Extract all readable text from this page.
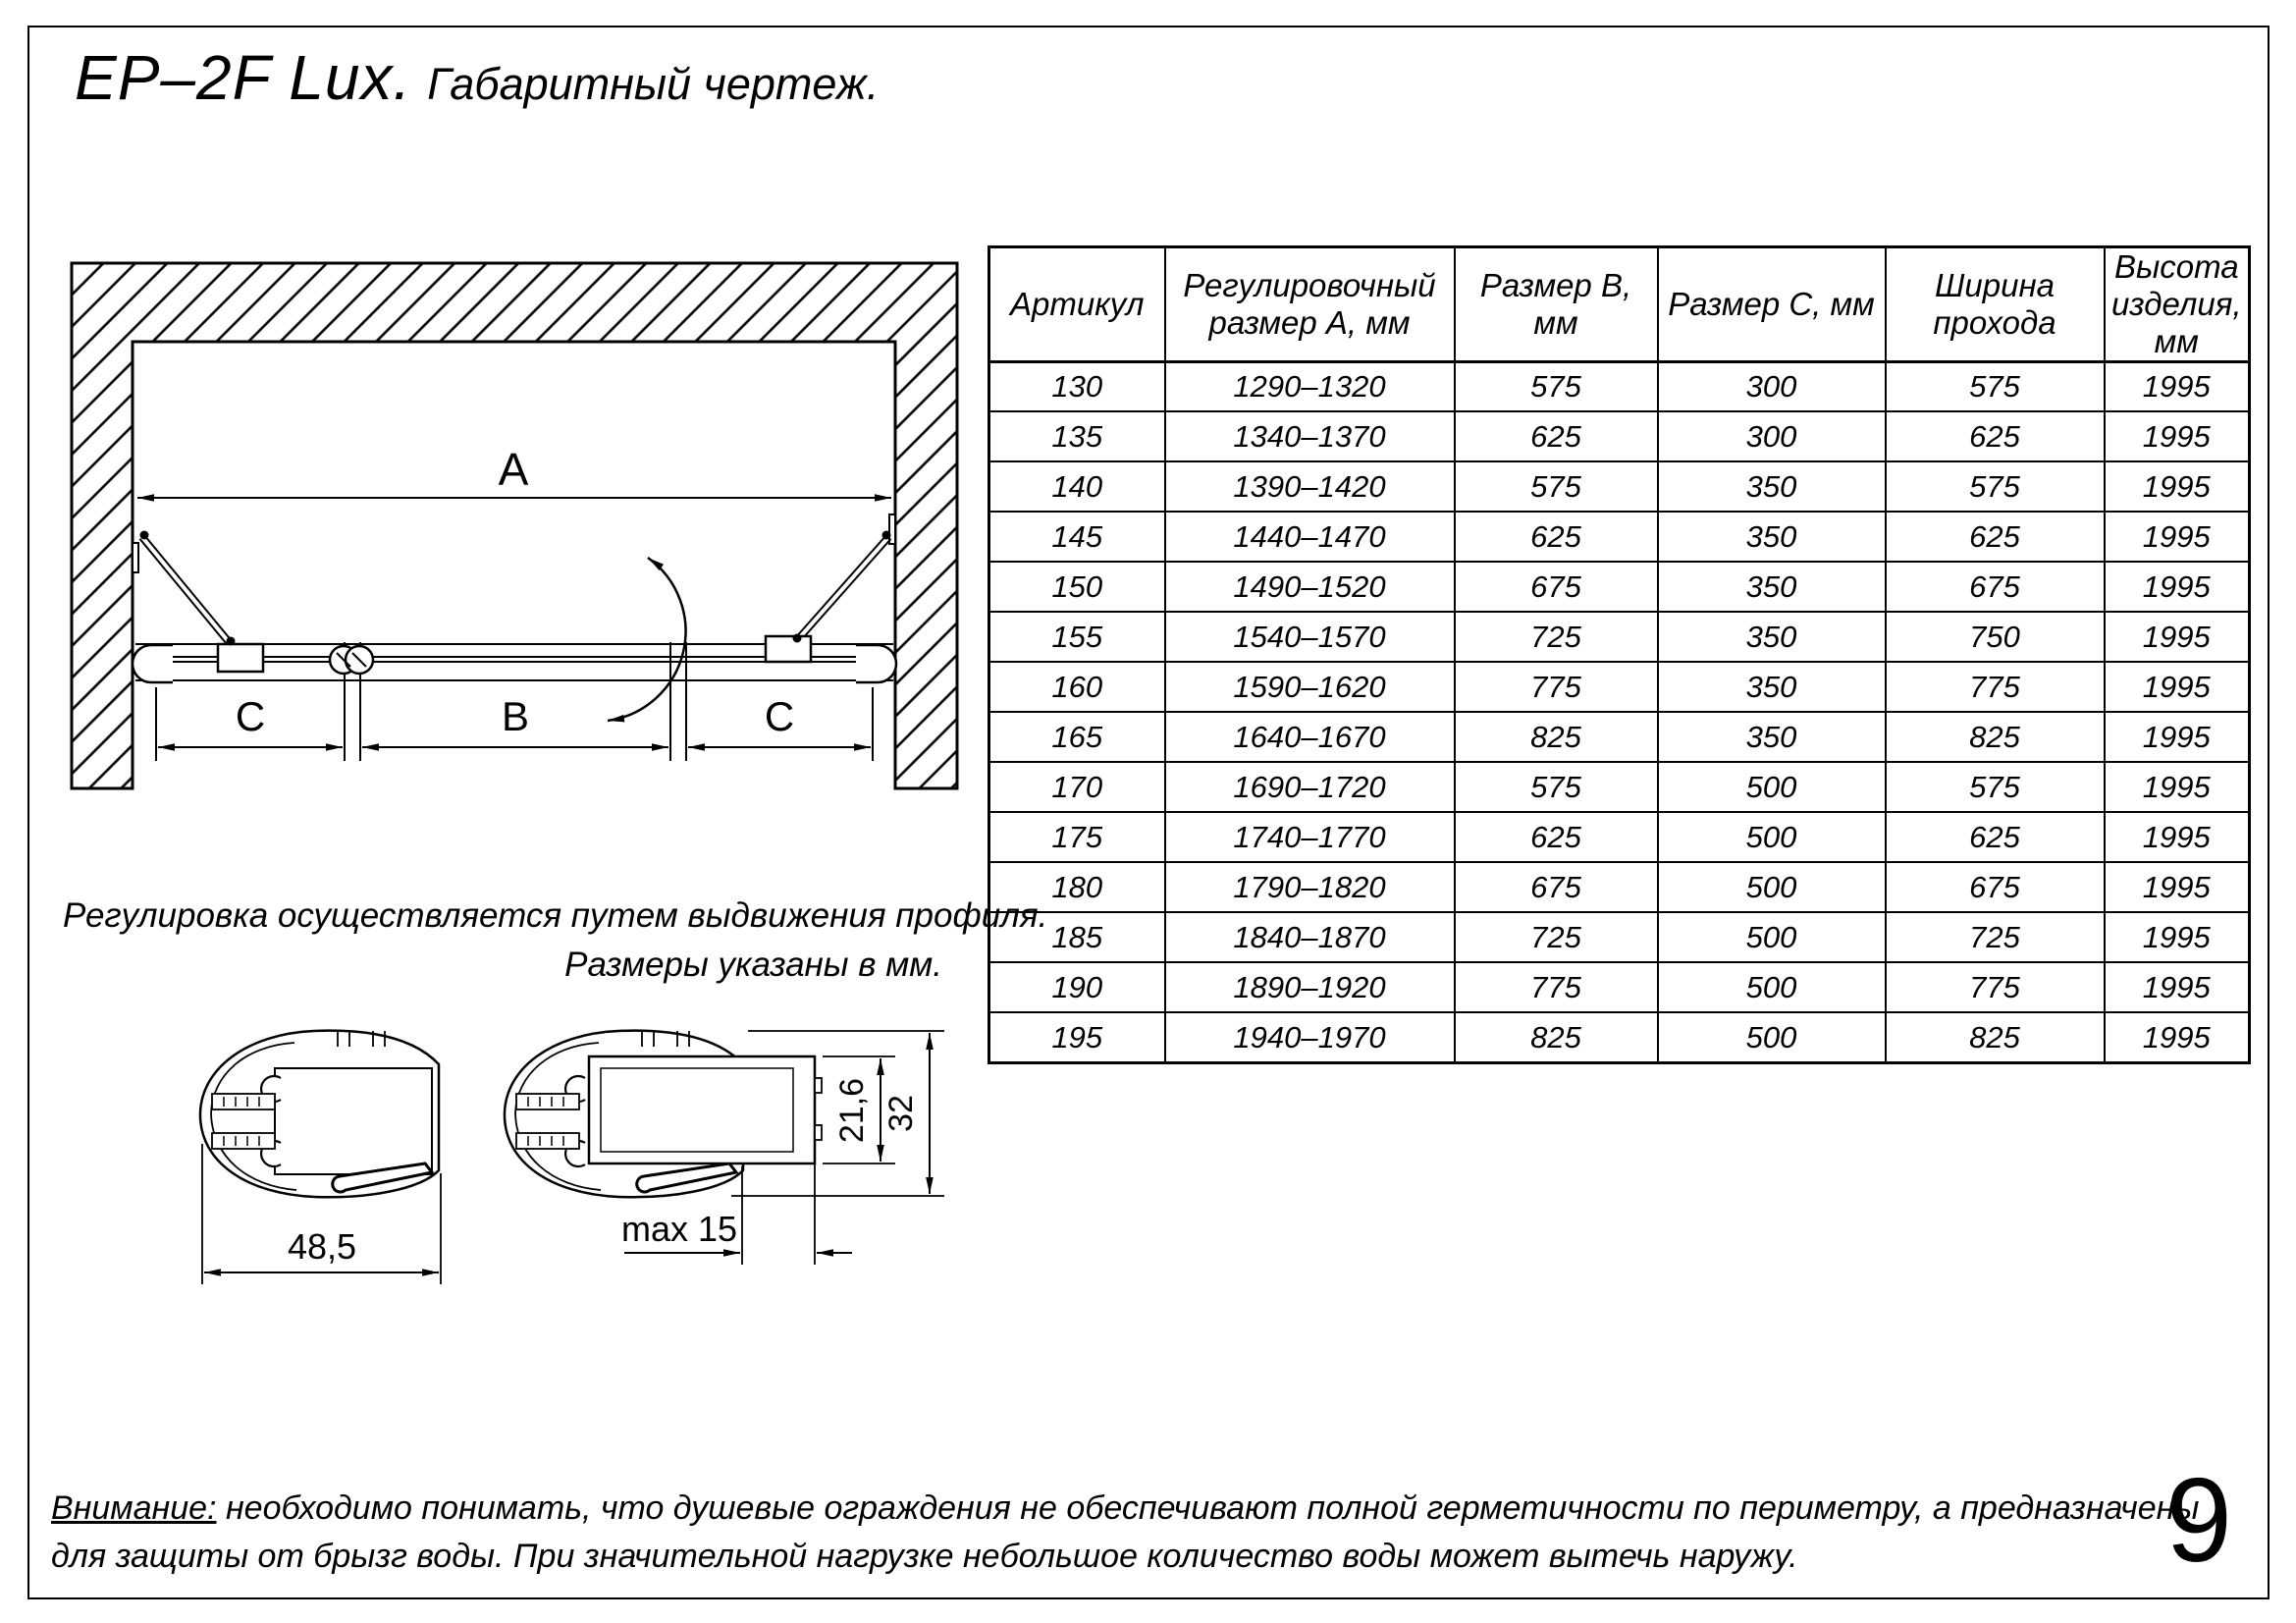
EP–2F Lux. Габаритный чертеж.
A
C	B	C
Регулировка осуществляется путем выдвижения профиля.
Размеры указаны в мм.
48,5
21,6 32
max 15
Артикул	Регулировочный размер А, мм	Размер В, мм	Размер С, мм	Ширина прохода	Высота изделия, мм
130	1290–1320	575	300	575	1995
135	1340–1370	625	300	625	1995
140	1390–1420	575	350	575	1995
145	1440–1470	625	350	625	1995
150	1490–1520	675	350	675	1995
155	1540–1570	725	350	750	1995
160	1590–1620	775	350	775	1995
165	1640–1670	825	350	825	1995
170	1690–1720	575	500	575	1995
175	1740–1770	625	500	625	1995
180	1790–1820	675	500	675	1995
185	1840–1870	725	500	725	1995
190	1890–1920	775	500	775	1995
195	1940–1970	825	500	825	1995
Внимание: необходимо понимать, что душевые ограждения не обеспечивают полной герметичности по периметру, а предназначены
для защиты от брызг воды. При значительной нагрузке небольшое количество воды может вытечь наружу.	9
